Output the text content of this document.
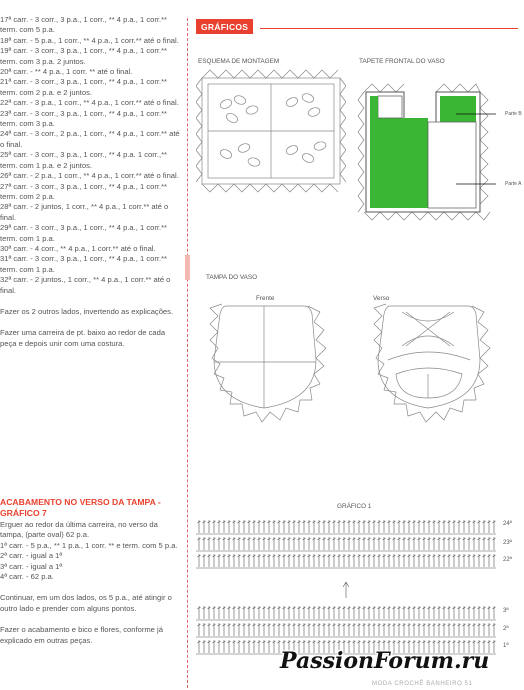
17ª carr. - 3 corr., 3 p.a., 1 corr., ** 4 p.a., 1 corr.** term. com 5 p.a.
18ª carr. - 5 p.a., 1 corr., ** 4 p.a., 1 corr.** até o final.
19ª carr. - 3 corr., 3 p.a., 1 corr., ** 4 p.a., 1 corr.** term. com 3 p.a. 2 juntos.
20ª carr. - ** 4 p.a., 1 corr. ** até o final.
21ª carr. - 3 corr., 3 p.a., 1 corr., ** 4 p.a., 1 corr.** term. com 2 p.a. e 2 juntos.
22ª carr. - 3 p.a., 1 corr., ** 4 p.a., 1 corr.** até o final.
23ª carr. - 3 corr., 3 p.a., 1 corr., ** 4 p.a., 1 corr.** term. com 3 p.a.
24ª carr. - 3 corr., 2 p.a., 1 corr., ** 4 p.a., 1 corr.** até o final.
25ª carr. - 3 corr., 3 p.a., 1 corr., ** 4 p.a. 1 corr.,** term. com 1 p.a. e 2 juntos.
26ª carr. - 2 p.a., 1 corr., ** 4 p.a., 1 corr.** até o final.
27ª carr. - 3 corr., 3 p.a., 1 corr., ** 4 p.a., 1 corr.** term. com 2 p.a.
28ª carr. - 2 juntos, 1 corr., ** 4 p.a., 1 corr.** até o final.
29ª carr. - 3 corr., 3 p.a., 1 corr., ** 4 p.a., 1 corr.** term. com 1 p.a.
30ª carr. - 4 corr., ** 4 p.a., 1 corr.** até o final.
31ª carr. - 3 corr., 3 p.a., 1 corr., ** 4 p.a., 1 corr.** term. com 1 p.a.
32ª carr. - 2 juntos., 1 corr., ** 4 p.a., 1 corr.** até o final.
Fazer os 2 outros lados, invertendo as explicações.
Fazer uma carreira de pt. baixo ao redor de cada peça e depois unir com uma costura.
ACABAMENTO NO VERSO DA TAMPA - GRÁFICO 7
Erguer ao redor da última carreira, no verso da tampa, (parte oval) 62 p.a.
1ª carr. - 5 p.a., ** 1 p.a., 1 corr. ** e term. com 5 p.a.
2ª carr. - igual a 1ª
3ª carr. - igual a 1ª
4ª carr. - 62 p.a.
Continuar, em um dos lados, os 5 p.a., até atingir o outro lado e prender com alguns pontos.
Fazer o acabamento e bico e flores, conforme já explicado em outras peças.
GRÁFICOS
ESQUEMA DE MONTAGEM	TAPETE FRONTAL DO VASO
Parte B
Parte A
TAMPA DO VASO
Frente	Verso
GRÁFICO 1
24ª
23ª
22ª
3ª
2ª
1ª
PassionForum.ru
MODA CROCHÊ BANHEIRO 51
